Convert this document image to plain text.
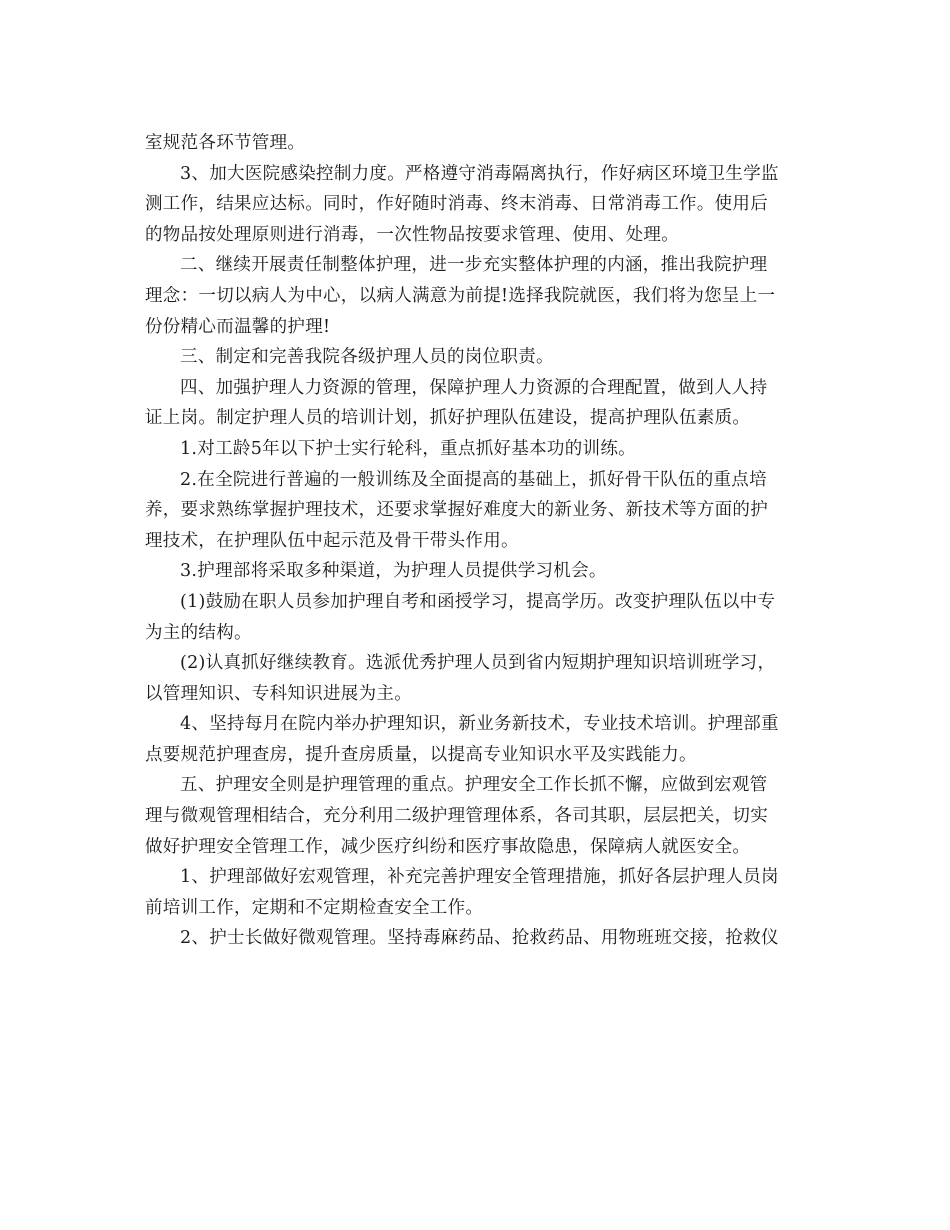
室规范各环节管理。
3、加大医院感染控制力度。严格遵守消毒隔离执行，作好病区环境卫生学监
测工作，结果应达标。同时，作好随时消毒、终末消毒、日常消毒工作。使用后
的物品按处理原则进行消毒，一次性物品按要求管理、使用、处理。
二、继续开展责任制整体护理，进一步充实整体护理的内涵，推出我院护理
理念：一切以病人为中心，以病人满意为前提!选择我院就医，我们将为您呈上一
份份精心而温馨的护理!
三、制定和完善我院各级护理人员的岗位职责。
四、加强护理人力资源的管理，保障护理人力资源的合理配置，做到人人持
证上岗。制定护理人员的培训计划，抓好护理队伍建设，提高护理队伍素质。
1.对工龄5年以下护士实行轮科，重点抓好基本功的训练。
2.在全院进行普遍的一般训练及全面提高的基础上，抓好骨干队伍的重点培
养，要求熟练掌握护理技术，还要求掌握好难度大的新业务、新技术等方面的护
理技术，在护理队伍中起示范及骨干带头作用。
3.护理部将采取多种渠道，为护理人员提供学习机会。
(1)鼓励在职人员参加护理自考和函授学习，提高学历。改变护理队伍以中专
为主的结构。
(2)认真抓好继续教育。选派优秀护理人员到省内短期护理知识培训班学习，
以管理知识、专科知识进展为主。
4、坚持每月在院内举办护理知识，新业务新技术，专业技术培训。护理部重
点要规范护理查房，提升查房质量，以提高专业知识水平及实践能力。
五、护理安全则是护理管理的重点。护理安全工作长抓不懈，应做到宏观管
理与微观管理相结合，充分利用二级护理管理体系，各司其职，层层把关，切实
做好护理安全管理工作，减少医疗纠纷和医疗事故隐患，保障病人就医安全。
1、护理部做好宏观管理，补充完善护理安全管理措施，抓好各层护理人员岗
前培训工作，定期和不定期检查安全工作。
2、护士长做好微观管理。坚持毒麻药品、抢救药品、用物班班交接，抢救仪
